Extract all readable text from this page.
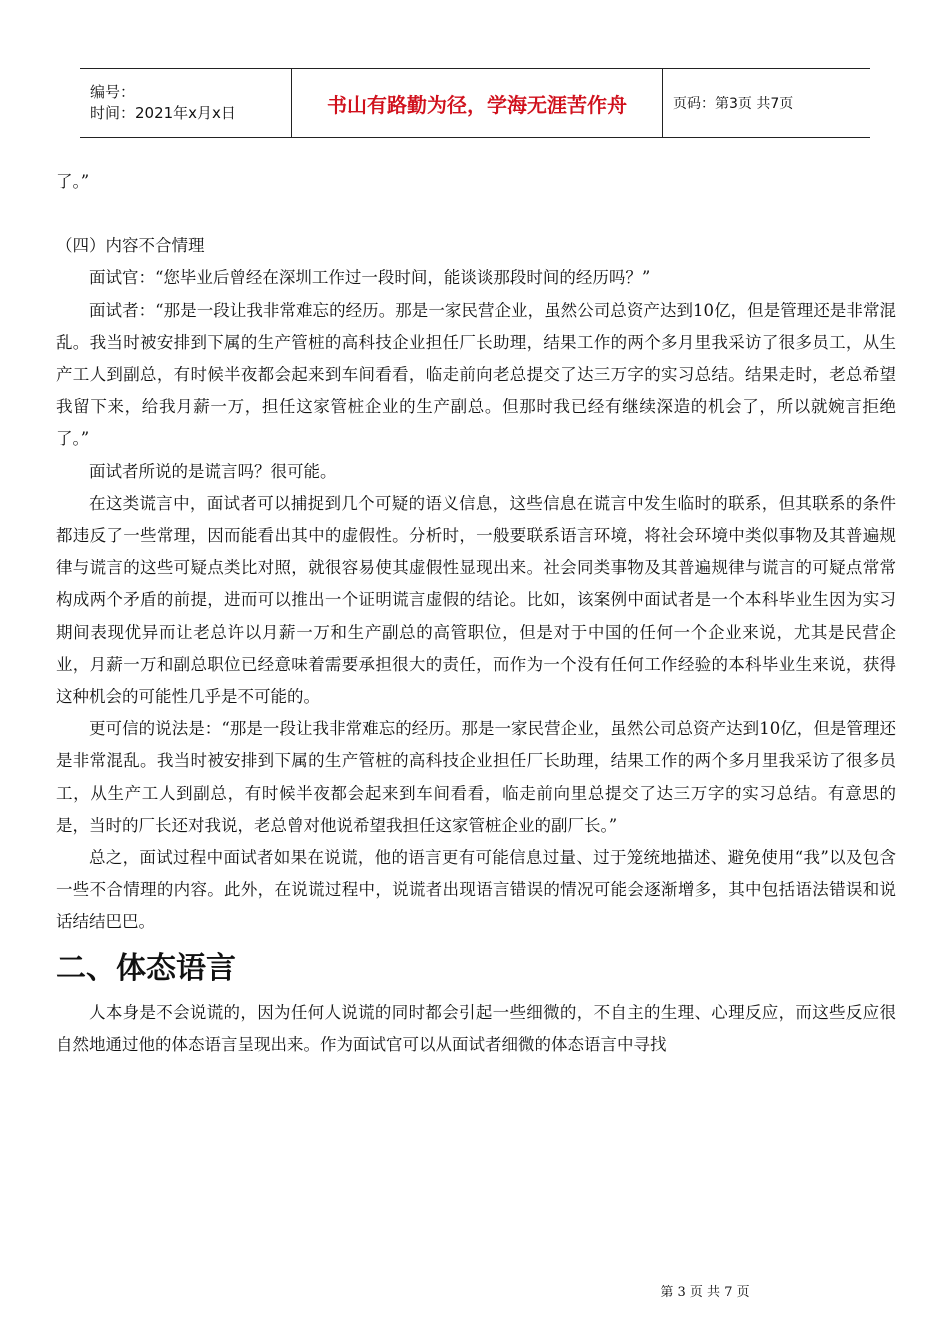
编号：
时间：2021年x月x日	书山有路勤为径，学海无涯苦作舟	页码：第3页 共7页

了。”

（四）内容不合情理

面试官：“您毕业后曾经在深圳工作过一段时间，能谈谈那段时间的经历吗？”

面试者：“那是一段让我非常难忘的经历。那是一家民营企业，虽然公司总资产达到10亿，但是管理还是非常混乱。我当时被安排到下属的生产管桩的高科技企业担任厂长助理，结果工作的两个多月里我采访了很多员工，从生产工人到副总，有时候半夜都会起来到车间看看，临走前向老总提交了达三万字的实习总结。结果走时，老总希望我留下来，给我月薪一万，担任这家管桩企业的生产副总。但那时我已经有继续深造的机会了，所以就婉言拒绝了。”

面试者所说的是谎言吗？很可能。

在这类谎言中，面试者可以捕捉到几个可疑的语义信息，这些信息在谎言中发生临时的联系，但其联系的条件都违反了一些常理，因而能看出其中的虚假性。分析时，一般要联系语言环境，将社会环境中类似事物及其普遍规律与谎言的这些可疑点类比对照，就很容易使其虚假性显现出来。社会同类事物及其普遍规律与谎言的可疑点常常构成两个矛盾的前提，进而可以推出一个证明谎言虚假的结论。比如，该案例中面试者是一个本科毕业生因为实习期间表现优异而让老总许以月薪一万和生产副总的高管职位，但是对于中国的任何一个企业来说，尤其是民营企业，月薪一万和副总职位已经意味着需要承担很大的责任，而作为一个没有任何工作经验的本科毕业生来说，获得这种机会的可能性几乎是不可能的。

更可信的说法是：“那是一段让我非常难忘的经历。那是一家民营企业，虽然公司总资产达到10亿，但是管理还是非常混乱。我当时被安排到下属的生产管桩的高科技企业担任厂长助理，结果工作的两个多月里我采访了很多员工，从生产工人到副总，有时候半夜都会起来到车间看看，临走前向里总提交了达三万字的实习总结。有意思的是，当时的厂长还对我说，老总曾对他说希望我担任这家管桩企业的副厂长。”

总之，面试过程中面试者如果在说谎，他的语言更有可能信息过量、过于笼统地描述、避免使用“我”以及包含一些不合情理的内容。此外，在说谎过程中，说谎者出现语言错误的情况可能会逐渐增多，其中包括语法错误和说话结结巴巴。

二、体态语言

人本身是不会说谎的，因为任何人说谎的同时都会引起一些细微的，不自主的生理、心理反应，而这些反应很自然地通过他的体态语言呈现出来。作为面试官可以从面试者细微的体态语言中寻找

第 3 页 共 7 页
